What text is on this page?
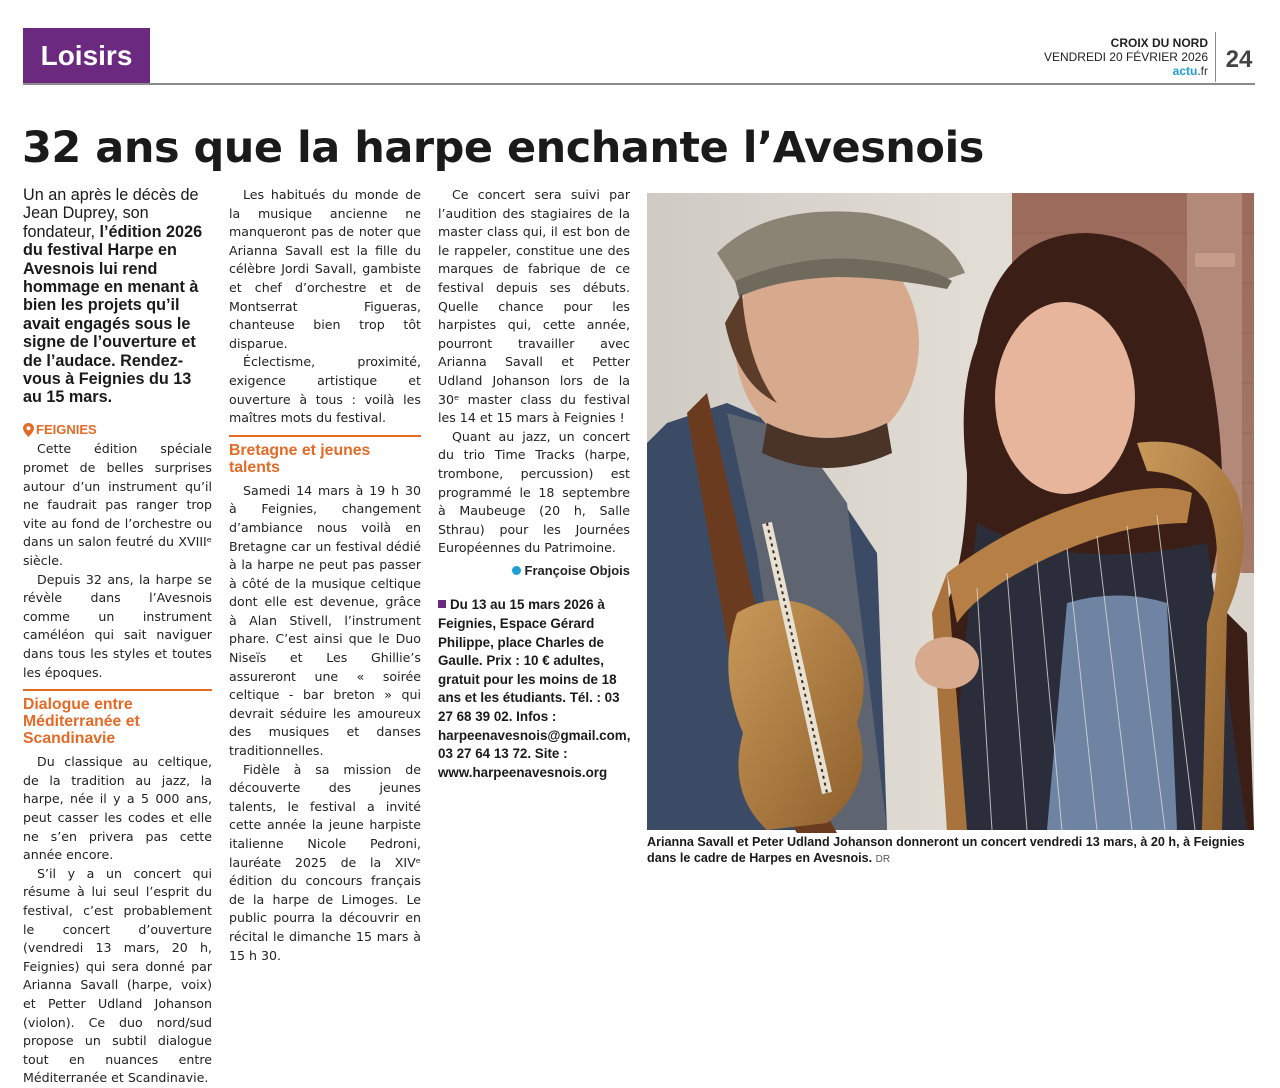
Loisirs	CROIX DU NORD
VENDREDI 20 FÉVRIER 2026
actu.fr 24
32 ans que la harpe enchante l’Avesnois
Un an après le décès de Jean Duprey, son fondateur, l’édition 2026 du festival Harpe en Avesnois lui rend hommage en menant à bien les projets qu’il avait engagés sous le signe de l’ouverture et de l’audace. Rendez-vous à Feignies du 13 au 15 mars.
FEIGNIES

Cette édition spéciale promet de belles surprises autour d’un instrument qu’il ne faudrait pas ranger trop vite au fond de l’orchestre ou dans un salon feutré du XVIIIᵉ siècle.

Depuis 32 ans, la harpe se révèle dans l’Avesnois comme un instrument caméléon qui sait naviguer dans tous les styles et toutes les époques.

Dialogue entre Méditerranée et Scandinavie

Du classique au celtique, de la tradition au jazz, la harpe, née il y a 5 000 ans, peut casser les codes et elle ne s’en privera pas cette année encore.

S’il y a un concert qui résume à lui seul l’esprit du festival, c’est probablement le concert d’ouverture (vendredi 13 mars, 20 h, Feignies) qui sera donné par Arianna Savall (harpe, voix) et Petter Udland Johanson (violon). Ce duo nord/sud propose un subtil dialogue tout en nuances entre Méditerranée et Scandinavie.

Les habitués du monde de la musique ancienne ne manqueront pas de noter que Arianna Savall est la fille du célèbre Jordi Savall, gambiste et chef d’orchestre et de Montserrat Figueras, chanteuse bien trop tôt disparue.

Éclectisme, proximité, exigence artistique et ouverture à tous : voilà les maîtres mots du festival.

Bretagne et jeunes talents

Samedi 14 mars à 19 h 30 à Feignies, changement d’ambiance nous voilà en Bretagne car un festival dédié à la harpe ne peut pas passer à côté de la musique celtique dont elle est devenue, grâce à Alan Stivell, l’instrument phare. C’est ainsi que le Duo Niseïs et Les Ghillie’s assureront une « soirée celtique - bar breton » qui devrait séduire les amoureux des musiques et danses traditionnelles.

Fidèle à sa mission de découverte des jeunes talents, le festival a invité cette année la jeune harpiste italienne Nicole Pedroni, lauréate 2025 de la XIVᵉ édition du concours français de la harpe de Limoges. Le public pourra la découvrir en récital le dimanche 15 mars à 15 h 30.

Ce concert sera suivi par l’audition des stagiaires de la master class qui, il est bon de le rappeler, constitue une des marques de fabrique de ce festival depuis ses débuts. Quelle chance pour les harpistes qui, cette année, pourront travailler avec Arianna Savall et Petter Udland Johanson lors de la 30ᵉ master class du festival les 14 et 15 mars à Feignies !

Quant au jazz, un concert du trio Time Tracks (harpe, trombone, percussion) est programmé le 18 septembre à Maubeuge (20 h, Salle Sthrau) pour les Journées Européennes du Patrimoine.

Françoise Objois
Du 13 au 15 mars 2026 à Feignies, Espace Gérard Philippe, place Charles de Gaulle. Prix : 10 € adultes, gratuit pour les moins de 18 ans et les étudiants. Tél. : 03 27 68 39 02. Infos : harpeenavesnois@gmail.com, 03 27 64 13 72. Site : www.harpeenavesnois.org
Arianna Savall et Peter Udland Johanson donneront un concert vendredi 13 mars, à 20 h, à Feignies dans le cadre de Harpes en Avesnois. DR
